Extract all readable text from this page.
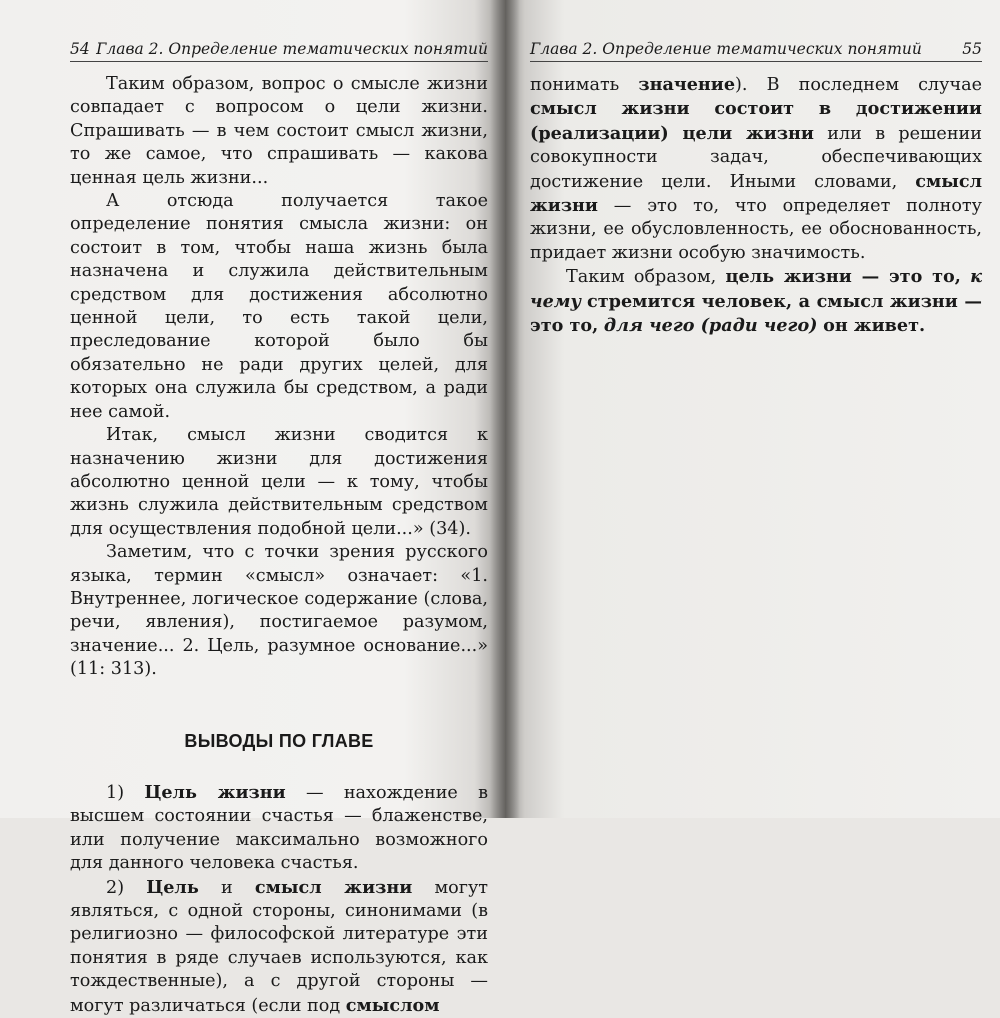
54 Глава 2. Определение тематических понятий

Таким образом, вопрос о смысле жизни совпадает с вопросом о цели жизни. Спрашивать — в чем состоит смысл жизни, то же самое, что спрашивать — какова ценная цель жизни...

А отсюда получается такое определение понятия смысла жизни: он состоит в том, чтобы наша жизнь была назначена и служила действительным средством для достижения абсолютно ценной цели, то есть такой цели, преследование которой было бы обязательно не ради других целей, для которых она служила бы средством, а ради нее самой.

Итак, смысл жизни сводится к назначению жизни для достижения абсолютно ценной цели — к тому, чтобы жизнь служила действительным средством для осуществления подобной цели...» (34).

Заметим, что с точки зрения русского языка, термин «смысл» означает: «1. Внутреннее, логическое содержание (слова, речи, явления), постигаемое разумом, значение... 2. Цель, разумное основание...» (11: 313).

ВЫВОДЫ ПО ГЛАВЕ

1) Цель жизни — нахождение в высшем состоянии счастья — блаженстве, или получение максимально возможного для данного человека счастья.

2) Цель и смысл жизни могут являться, с одной стороны, синонимами (в религиозно — философской литературе эти понятия в ряде случаев используются, как тождественные), а с другой стороны — могут различаться (если под смыслом

Глава 2. Определение тематических понятий	55

понимать значение). В последнем случае смысл жизни состоит в достижении (реализации) цели жизни или в решении совокупности задач, обеспечивающих достижение цели. Иными словами, смысл жизни — это то, что определяет полноту жизни, ее обусловленность, ее обоснованность, придает жизни особую значимость.

Таким образом, цель жизни — это то, к чему стремится человек, а смысл жизни — это то, для чего (ради чего) он живет.
